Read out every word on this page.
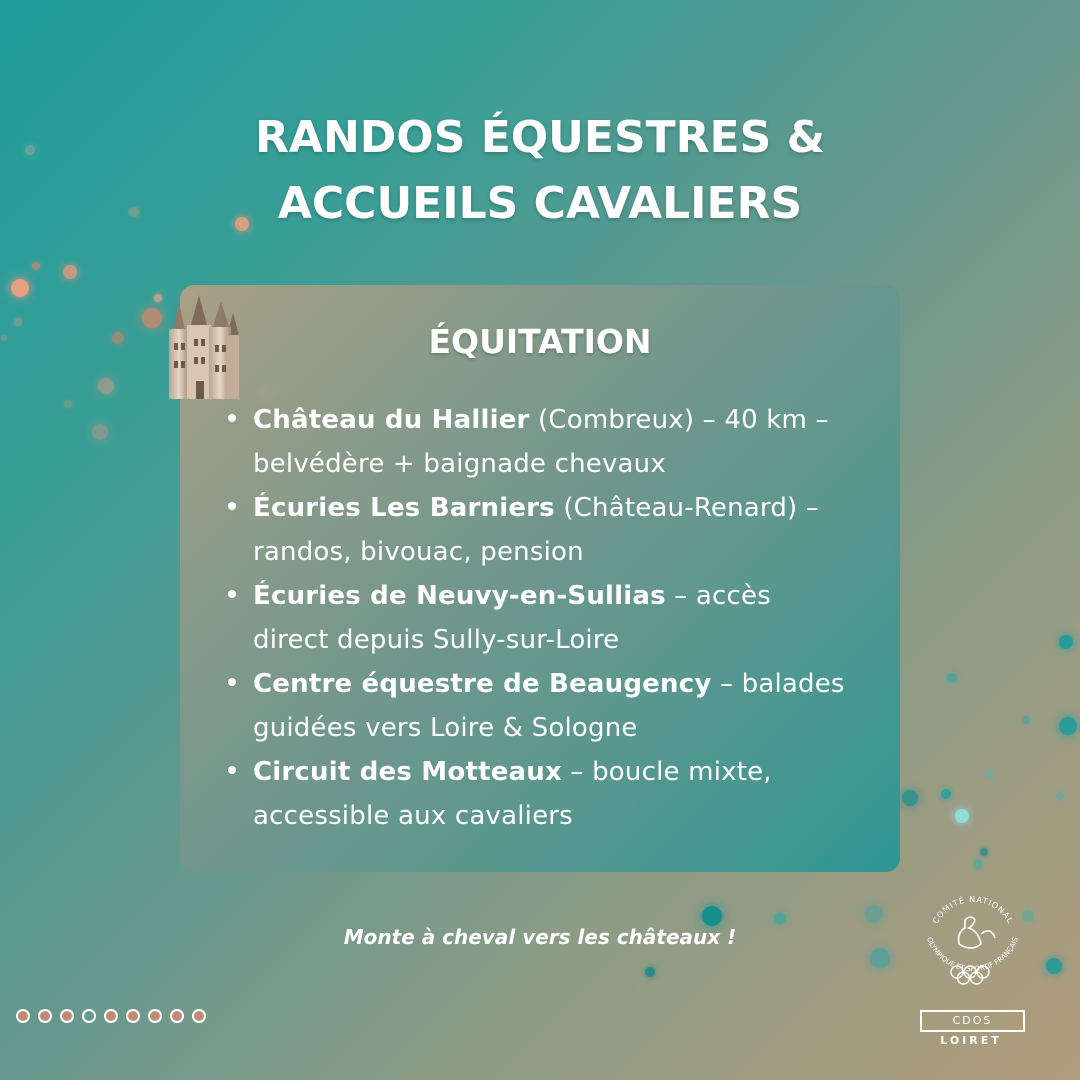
RANDOS ÉQUESTRES &
ACCUEILS CAVALIERS
ÉQUITATION
Château du Hallier (Combreux) – 40 km –
belvédère + baignade chevaux
Écuries Les Barniers (Château-Renard) –
randos, bivouac, pension
Écuries de Neuvy-en-Sullias – accès
direct depuis Sully-sur-Loire
Centre équestre de Beaugency – balades
guidées vers Loire & Sologne
Circuit des Motteaux – boucle mixte,
accessible aux cavaliers
Monte à cheval vers les châteaux !
COMITÉ NATIONAL
OLYMPIQUE ET SPORTIF FRANÇAIS
CDOS
LOIRET
